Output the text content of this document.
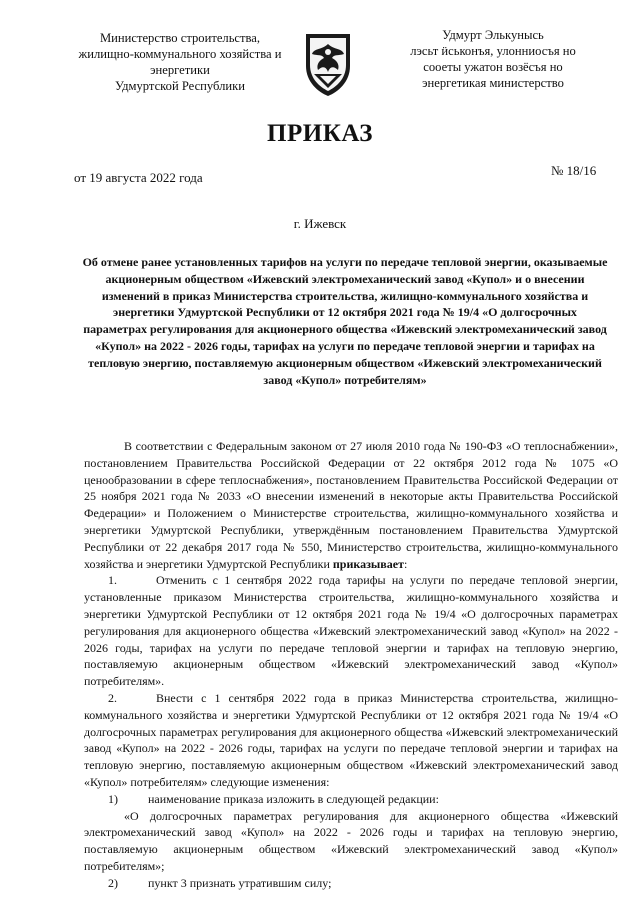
Министерство строительства,
жилищно-коммунального хозяйства и
энергетики
Удмуртской Республики
Удмурт Элькунысь
лэсьт ӥськонъя, улонниосъя но
сооеты ужатон возёсъя но
энергетикая министерство
ПРИКАЗ
от 19 августа 2022 года	№ 18/16
г. Ижевск
Об отмене ранее установленных тарифов на услуги по передаче тепловой энергии, оказываемые акционерным обществом «Ижевский электромеханический завод «Купол» и о внесении изменений в приказ Министерства строительства, жилищно-коммунального хозяйства и энергетики Удмуртской Республики от 12 октября 2021 года № 19/4 «О долгосрочных параметрах регулирования для акционерного общества «Ижевский электромеханический завод «Купол» на 2022 - 2026 годы, тарифах на услуги по передаче тепловой энергии и тарифах на тепловую энергию, поставляемую акционерным обществом «Ижевский электромеханический завод «Купол» потребителям»

В соответствии с Федеральным законом от 27 июля 2010 года № 190-ФЗ «О теплоснабжении», постановлением Правительства Российской Федерации от 22 октября 2012 года № 1075 «О ценообразовании в сфере теплоснабжения», постановлением Правительства Российской Федерации от 25 ноября 2021 года № 2033 «О внесении изменений в некоторые акты Правительства Российской Федерации» и Положением о Министерстве строительства, жилищно-коммунального хозяйства и энергетики Удмуртской Республики, утверждённым постановлением Правительства Удмуртской Республики от 22 декабря 2017 года № 550, Министерство строительства, жилищно-коммунального хозяйства и энергетики Удмуртской Республики приказывает:

1.	Отменить с 1 сентября 2022 года тарифы на услуги по передаче тепловой энергии,

установленные приказом Министерства строительства, жилищно-коммунального хозяйства и энергетики Удмуртской Республики от 12 октября 2021 года № 19/4 «О долгосрочных параметрах регулирования для акционерного общества «Ижевский электромеханический завод «Купол» на 2022 - 2026 годы, тарифах на услуги по передаче тепловой энергии и тарифах на тепловую энергию, поставляемую акционерным обществом «Ижевский электромеханический завод «Купол» потребителям».

2.	Внести с 1 сентября 2022 года в приказ Министерства строительства, жилищно-

коммунального хозяйства и энергетики Удмуртской Республики от 12 октября 2021 года № 19/4 «О долгосрочных параметрах регулирования для акционерного общества «Ижевский электромеханический завод «Купол» на 2022 - 2026 годы, тарифах на услуги по передаче тепловой энергии и тарифах на тепловую энергию, поставляемую акционерным обществом «Ижевский электромеханический завод «Купол» потребителям» следующие изменения:

1)	наименование приказа изложить в следующей редакции:

«О долгосрочных параметрах регулирования для акционерного общества «Ижевский электромеханический завод «Купол» на 2022 - 2026 годы и тарифах на тепловую энергию, поставляемую акционерным обществом «Ижевский электромеханический завод «Купол» потребителям»;

2)	пункт 3 признать утратившим силу;
